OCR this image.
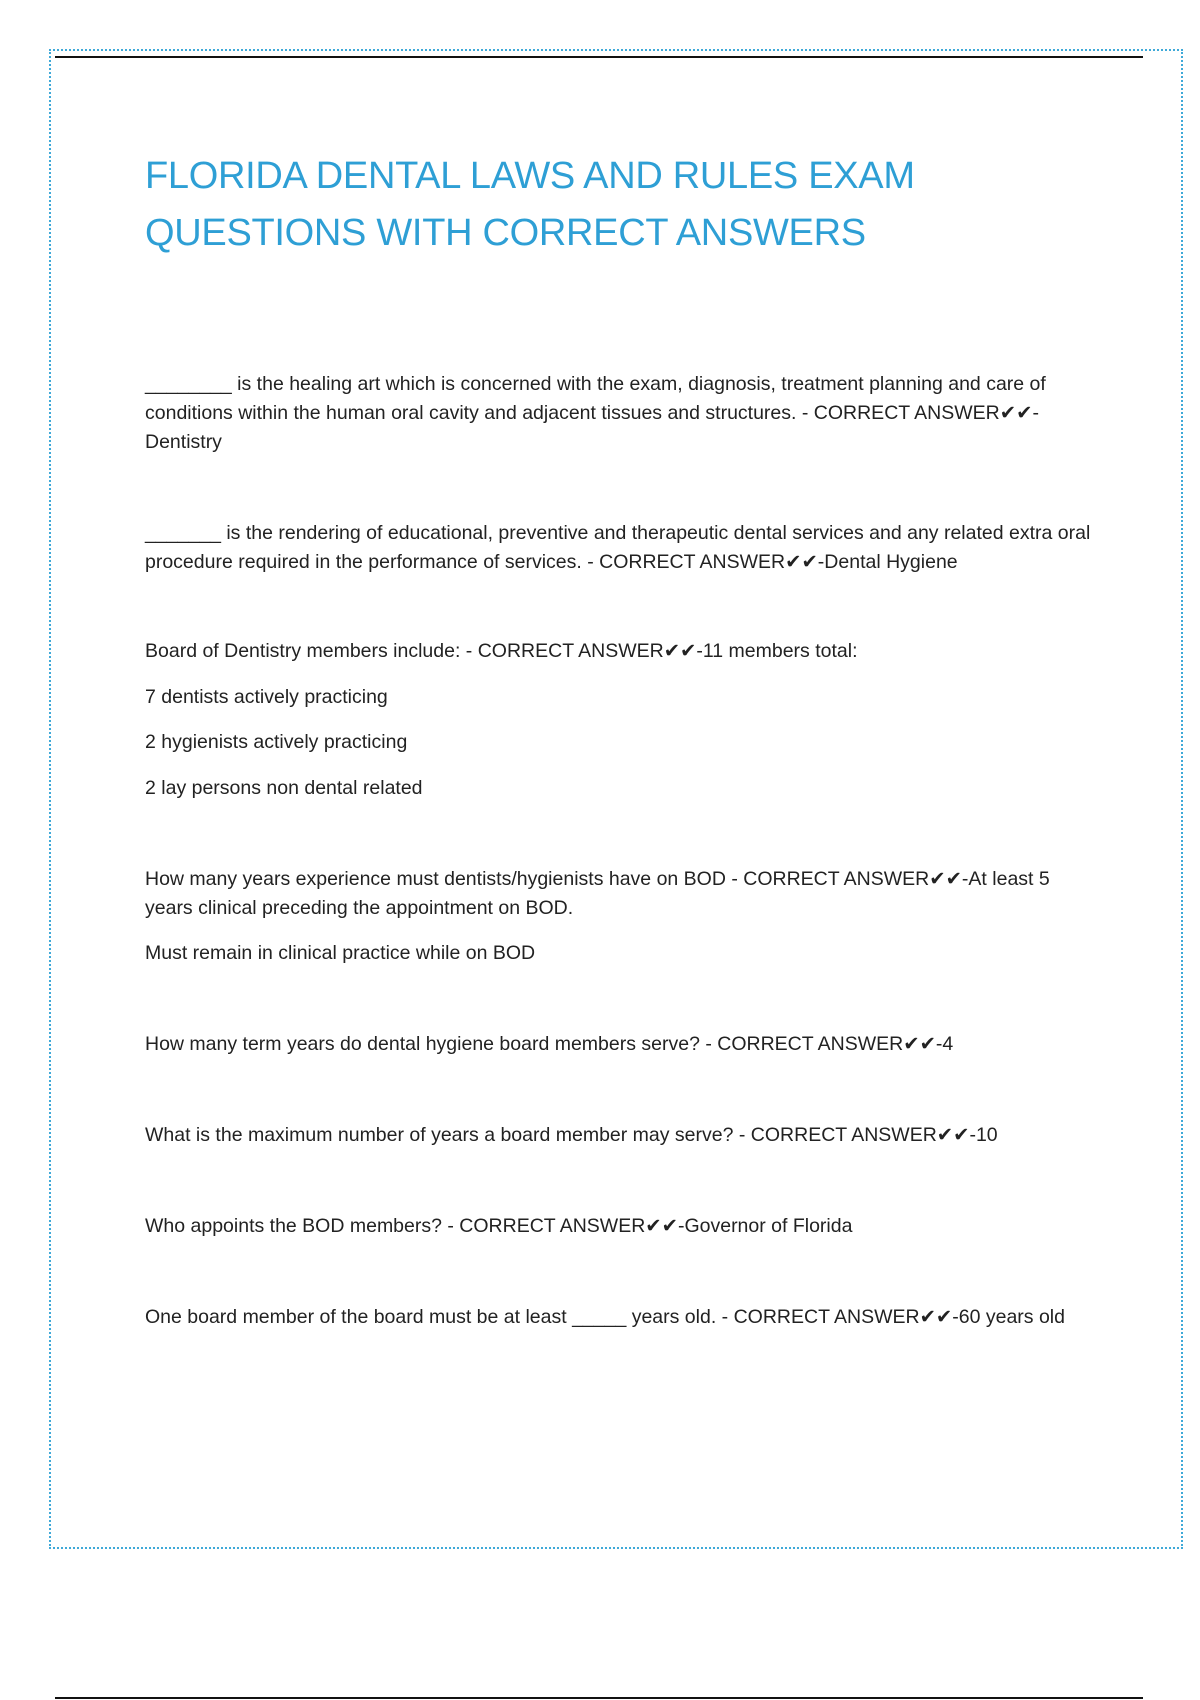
FLORIDA DENTAL LAWS AND RULES EXAM
QUESTIONS WITH CORRECT ANSWERS

________ is the healing art which is concerned with the exam, diagnosis, treatment planning and care of conditions within the human oral cavity and adjacent tissues and structures. - CORRECT ANSWER✔✔-Dentistry

_______ is the rendering of educational, preventive and therapeutic dental services and any related extra oral procedure required in the performance of services. - CORRECT ANSWER✔✔-Dental Hygiene

Board of Dentistry members include: - CORRECT ANSWER✔✔-11 members total:

7 dentists actively practicing

2 hygienists actively practicing

2 lay persons non dental related

How many years experience must dentists/hygienists have on BOD - CORRECT ANSWER✔✔-At least 5 years clinical preceding the appointment on BOD.

Must remain in clinical practice while on BOD

How many term years do dental hygiene board members serve? - CORRECT ANSWER✔✔-4

What is the maximum number of years a board member may serve? - CORRECT ANSWER✔✔-10

Who appoints the BOD members? - CORRECT ANSWER✔✔-Governor of Florida

One board member of the board must be at least _____ years old. - CORRECT ANSWER✔✔-60 years old
